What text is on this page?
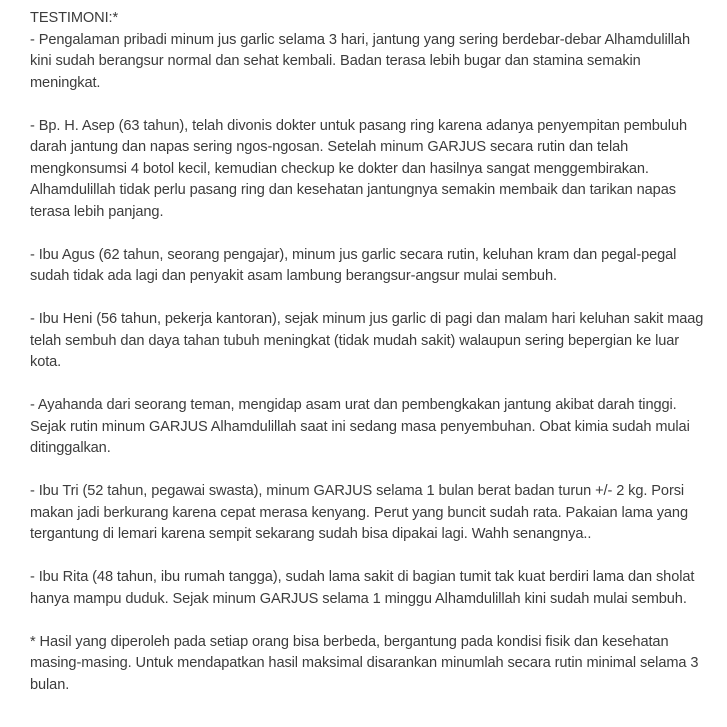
TESTIMONI:*

- Pengalaman pribadi minum jus garlic selama 3 hari, jantung yang sering berdebar-debar Alhamdulillah kini sudah berangsur normal dan sehat kembali. Badan terasa lebih bugar dan stamina semakin meningkat.

- Bp. H. Asep (63 tahun), telah divonis dokter untuk pasang ring karena adanya penyempitan pembuluh darah jantung dan napas sering ngos-ngosan. Setelah minum GARJUS secara rutin dan telah mengkonsumsi 4 botol kecil, kemudian checkup ke dokter dan hasilnya sangat menggembirakan. Alhamdulillah tidak perlu pasang ring dan kesehatan jantungnya semakin membaik dan tarikan napas terasa lebih panjang.

- Ibu Agus (62 tahun, seorang pengajar), minum jus garlic secara rutin, keluhan kram dan pegal-pegal sudah tidak ada lagi dan penyakit asam lambung berangsur-angsur mulai sembuh.

- Ibu Heni (56 tahun, pekerja kantoran), sejak minum jus garlic di pagi dan malam hari keluhan sakit maag telah sembuh dan daya tahan tubuh meningkat (tidak mudah sakit) walaupun sering bepergian ke luar kota.

- Ayahanda dari seorang teman, mengidap asam urat dan pembengkakan jantung akibat darah tinggi. Sejak rutin minum GARJUS Alhamdulillah saat ini sedang masa penyembuhan. Obat kimia sudah mulai ditinggalkan.

- Ibu Tri (52 tahun, pegawai swasta), minum GARJUS selama 1 bulan berat badan turun +/- 2 kg. Porsi makan jadi berkurang karena cepat merasa kenyang. Perut yang buncit sudah rata. Pakaian lama yang tergantung di lemari karena sempit sekarang sudah bisa dipakai lagi. Wahh senangnya..

- Ibu Rita (48 tahun, ibu rumah tangga), sudah lama sakit di bagian tumit tak kuat berdiri lama dan sholat hanya mampu duduk. Sejak minum GARJUS selama 1 minggu Alhamdulillah kini sudah mulai sembuh.

* Hasil yang diperoleh pada setiap orang bisa berbeda, bergantung pada kondisi fisik dan kesehatan masing-masing. Untuk mendapatkan hasil maksimal disarankan minumlah secara rutin minimal selama 3 bulan.
